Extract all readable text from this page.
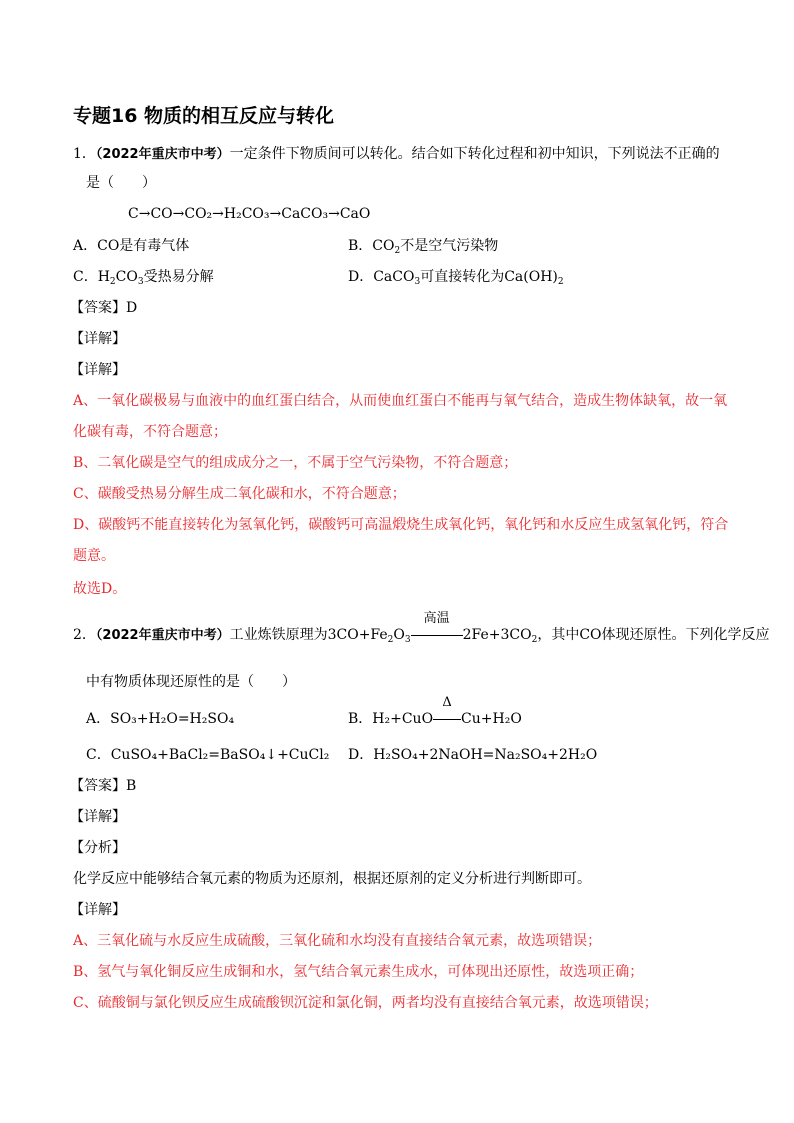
专题16 物质的相互反应与转化
1．（2022年重庆市中考）一定条件下物质间可以转化。结合如下转化过程和初中知识，下列说法不正确的
是（　　）
C→CO→CO₂→H₂CO₃→CaCO₃→CaO
A．CO是有毒气体	B．$CO_2$不是空气污染物
C．$H_2CO_3$受热易分解	D．CaCO$_3$可直接转化为$Ca(OH)_2$
【答案】D
【详解】
【详解】
A、一氧化碳极易与血液中的血红蛋白结合，从而使血红蛋白不能再与氧气结合，造成生物体缺氧，故一氧
化碳有毒，不符合题意；
B、二氧化碳是空气的组成成分之一，不属于空气污染物，不符合题意；
C、碳酸受热易分解生成二氧化碳和水，不符合题意；
D、碳酸钙不能直接转化为氢氧化钙，碳酸钙可高温煅烧生成氧化钙，氧化钙和水反应生成氢氧化钙，符合
题意。
故选D。
2．（2022年重庆市中考）工业炼铁原理为$3CO+Fe_2O_3$
高温
$2Fe+3CO_2$，其中CO体现还原性。下列化学反应
中有物质体现还原性的是（　　）
A．SO₃+H₂O=H₂SO₄	B．H₂+CuO
Δ
Cu+H₂O
C．CuSO₄+BaCl₂=BaSO₄↓+CuCl₂ D．H₂SO₄+2NaOH=Na₂SO₄+2H₂O
【答案】B
【详解】
【分析】
化学反应中能够结合氧元素的物质为还原剂，根据还原剂的定义分析进行判断即可。
【详解】
A、三氧化硫与水反应生成硫酸，三氧化硫和水均没有直接结合氧元素，故选项错误；
B、氢气与氧化铜反应生成铜和水，氢气结合氧元素生成水，可体现出还原性，故选项正确；
C、硫酸铜与氯化钡反应生成硫酸钡沉淀和氯化铜，两者均没有直接结合氧元素，故选项错误；
